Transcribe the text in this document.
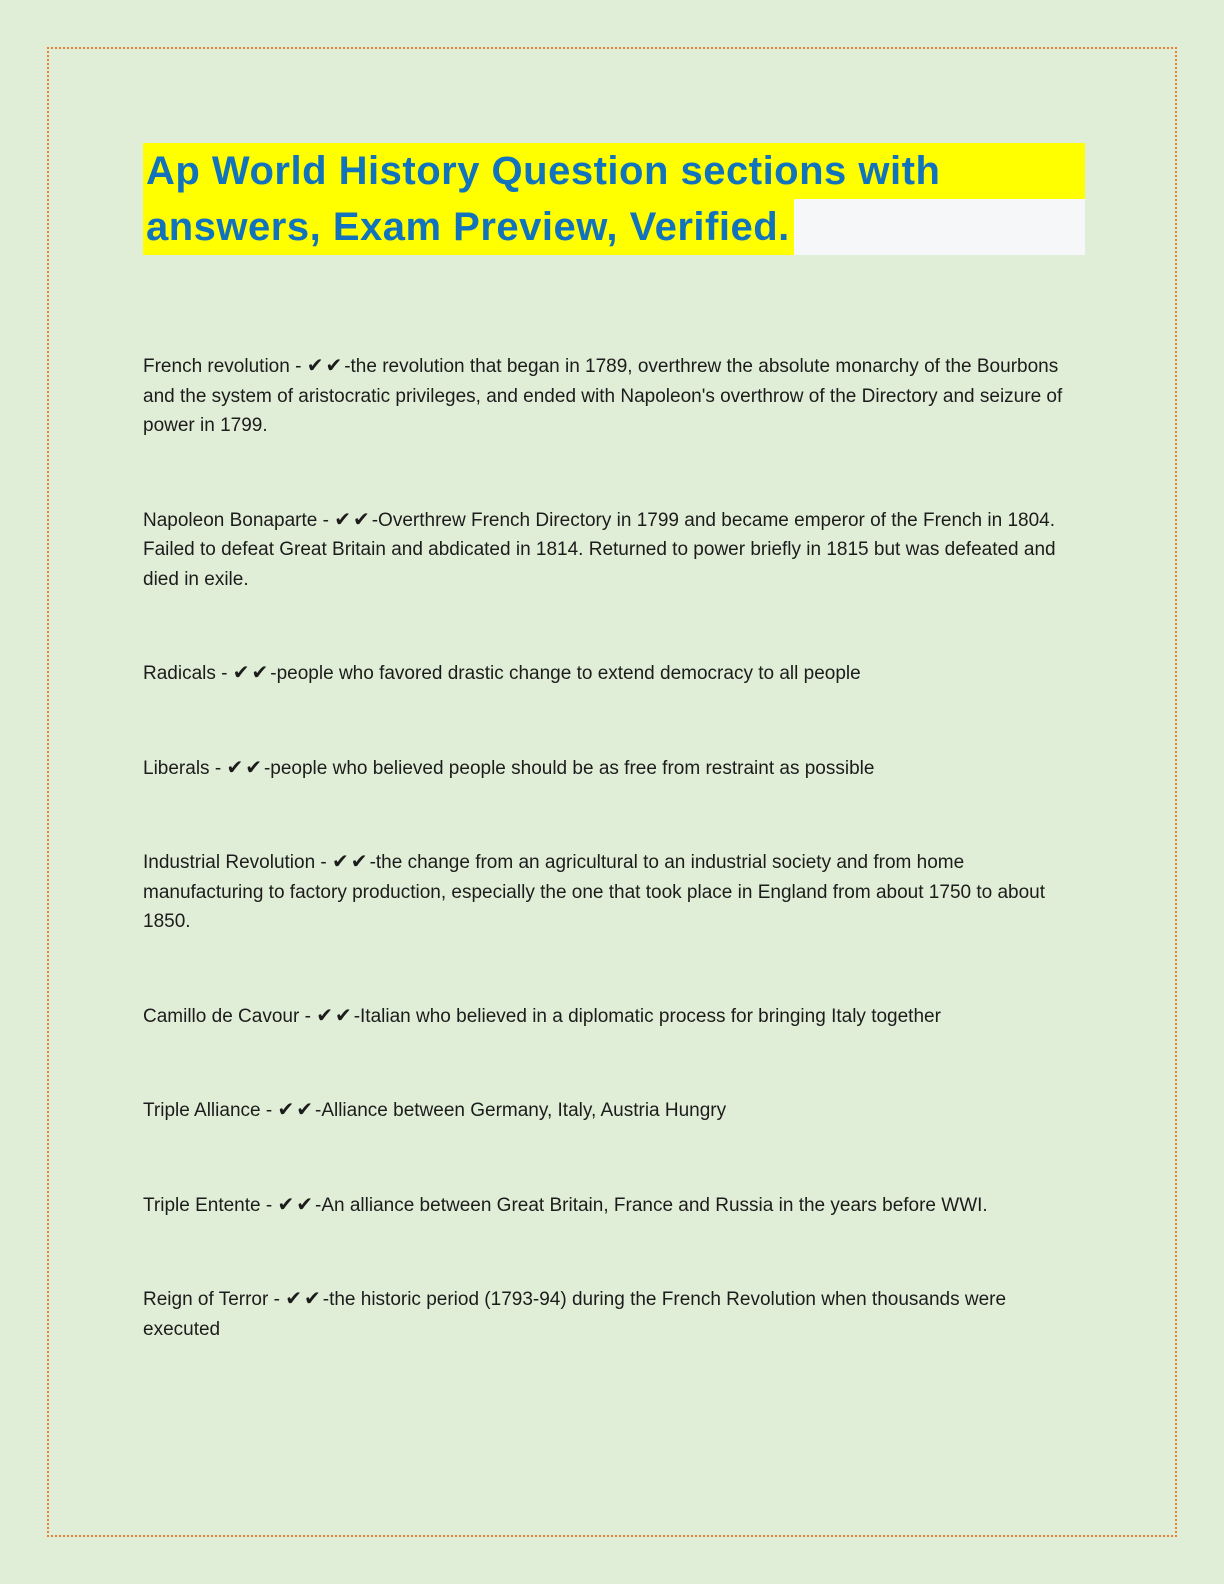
Ap World History Question sections with
answers, Exam Preview, Verified.

French revolution - ✔✔-the revolution that began in 1789, overthrew the absolute monarchy of the Bourbons and the system of aristocratic privileges, and ended with Napoleon's overthrow of the Directory and seizure of power in 1799.

Napoleon Bonaparte - ✔✔-Overthrew French Directory in 1799 and became emperor of the French in 1804. Failed to defeat Great Britain and abdicated in 1814. Returned to power briefly in 1815 but was defeated and died in exile.

Radicals - ✔✔-people who favored drastic change to extend democracy to all people

Liberals - ✔✔-people who believed people should be as free from restraint as possible

Industrial Revolution - ✔✔-the change from an agricultural to an industrial society and from home manufacturing to factory production, especially the one that took place in England from about 1750 to about 1850.

Camillo de Cavour - ✔✔-Italian who believed in a diplomatic process for bringing Italy together

Triple Alliance - ✔✔-Alliance between Germany, Italy, Austria Hungry

Triple Entente - ✔✔-An alliance between Great Britain, France and Russia in the years before WWI.

Reign of Terror - ✔✔-the historic period (1793-94) during the French Revolution when thousands were executed
